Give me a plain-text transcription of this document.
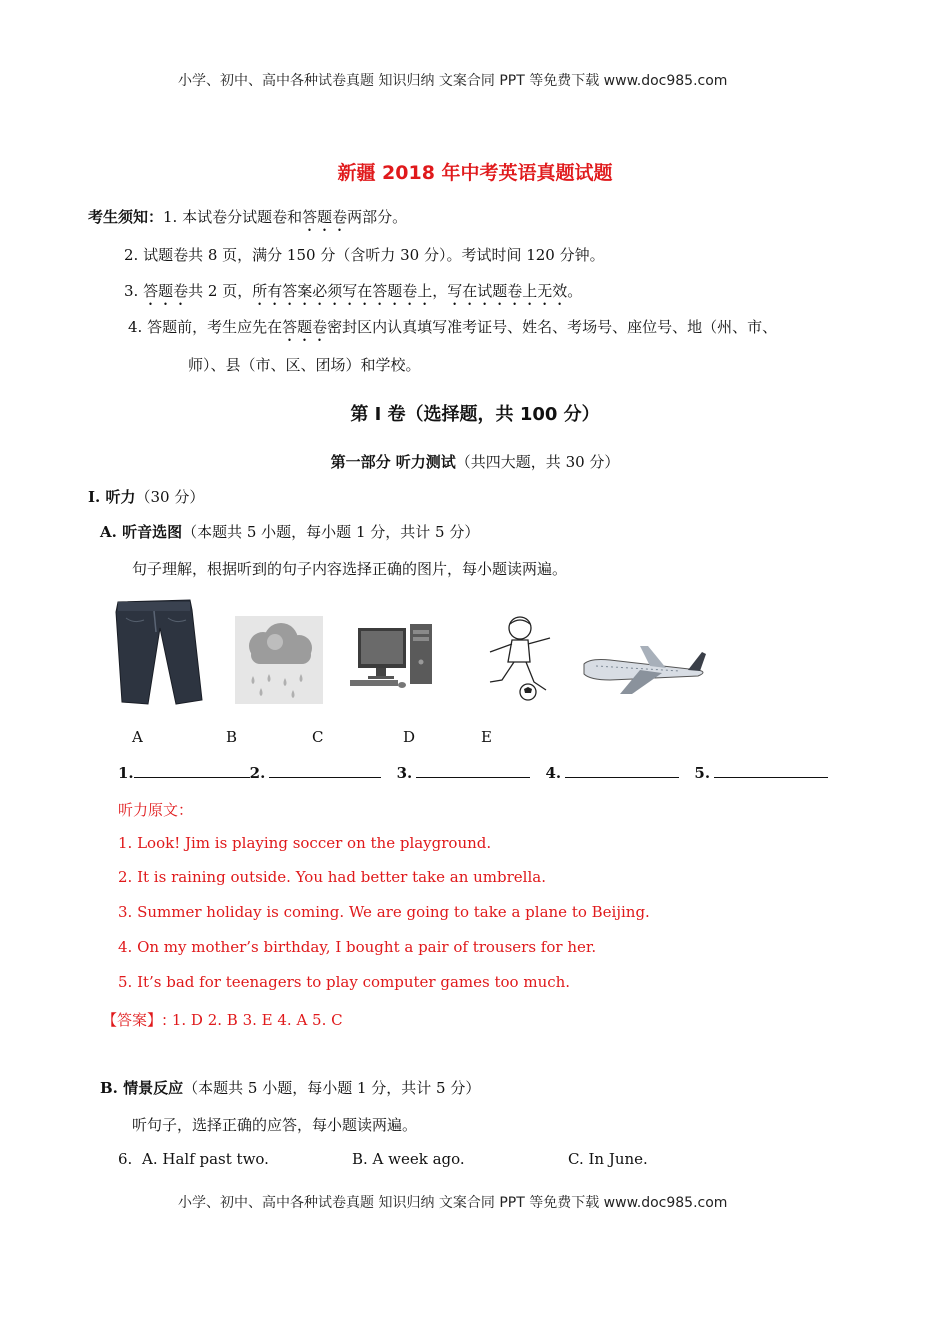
小学、初中、高中各种试卷真题 知识归纳 文案合同 PPT 等免费下载 www.doc985.com
新疆 2018 年中考英语真题试题
考生须知：1. 本试卷分试题卷和答题卷两部分。
2. 试题卷共 8 页，满分 150 分（含听力 30 分）。考试时间 120 分钟。
3. 答题卷共 2 页，所有答案必须写在答题卷上，写在试题卷上无效。
4. 答题前，考生应先在答题卷密封区内认真填写准考证号、姓名、考场号、座位号、地（州、市、
师）、县（市、区、团场）和学校。
第 I 卷（选择题，共 100 分）
第一部分 听力测试（共四大题，共 30 分）
I. 听力（30 分）
A. 听音选图（本题共 5 小题，每小题 1 分，共计 5 分）
句子理解，根据听到的句子内容选择正确的图片，每小题读两遍。
A	B	C	D	E
1.	2.	3.	4.	5.
听力原文：
1. Look! Jim is playing soccer on the playground.
2. It is raining outside. You had better take an umbrella.
3. Summer holiday is coming. We are going to take a plane to Beijing.
4. On my mother’s birthday, I bought a pair of trousers for her.
5. It’s bad for teenagers to play computer games too much.
【答案】: 1. D 2. B 3. E 4. A 5. C
B. 情景反应（本题共 5 小题，每小题 1 分，共计 5 分）
听句子，选择正确的应答，每小题读两遍。
6. A. Half past two.	B. A week ago.	C. In June.
小学、初中、高中各种试卷真题 知识归纳 文案合同 PPT 等免费下载 www.doc985.com
